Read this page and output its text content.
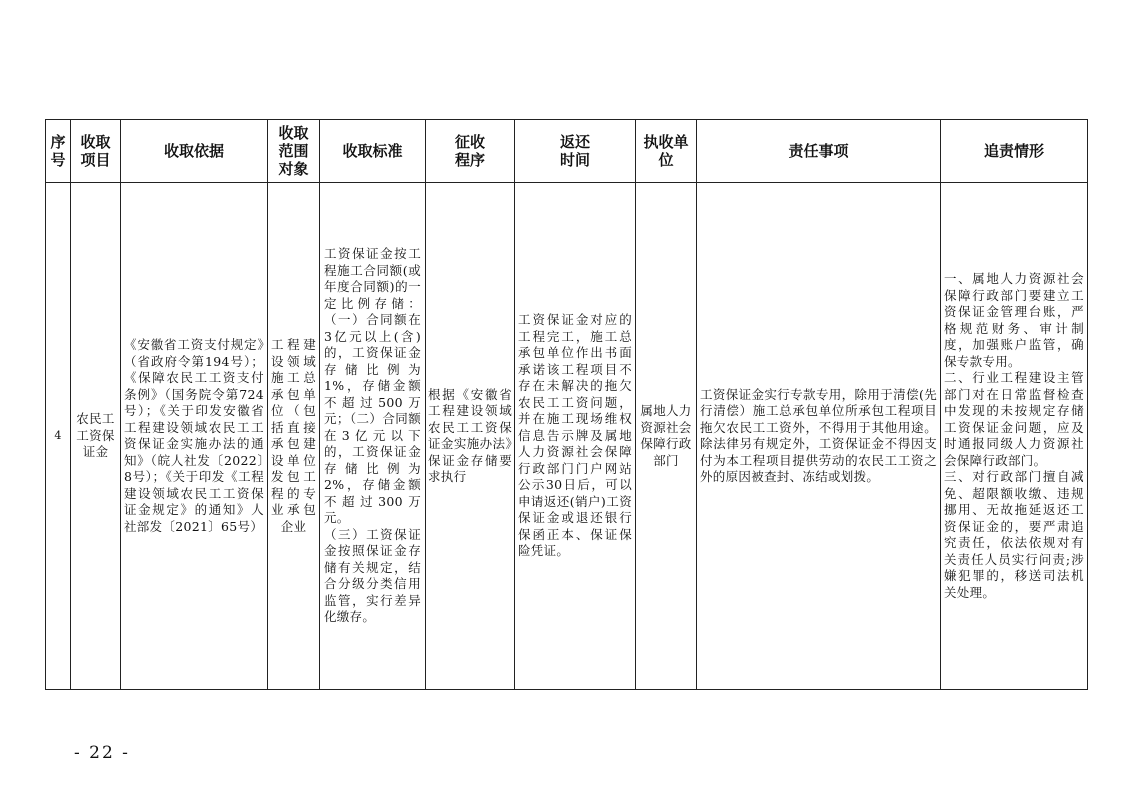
序
号	收取
项目	收取依据	收取
范围
对象	收取标准	征收
程序	返还
时间	执收单
位	责任事项	追责情形
4	农民工工资保证金	《安徽省工资支付规定》（省政府令第194号）；《保障农民工工资支付条例》（国务院令第724号）；《关于印发安徽省工程建设领域农民工工资保证金实施办法的通知》（皖人社发〔2022〕8号）；《关于印发《工程建设领域农民工工资保证金规定》的通知》人社部发〔2021〕65号）	工程建设领域施工总承包单位（包括直接承包建设单位发包工程的专业承包企业	工资保证金按工程施工合同额(或年度合同额)的一定比例存储：（一）合同额在3亿元以上(含)的，工资保证金存储比例为1%，存储金额不超过500万元；（二）合同额在3亿元以下的，工资保证金存储比例为2%，存储金额不超过300万元。
（三）工资保证金按照保证金存储有关规定，结合分级分类信用监管，实行差异化缴存。	根据《安徽省工程建设领域农民工工资保证金实施办法》保证金存储要求执行	工资保证金对应的工程完工，施工总承包单位作出书面承诺该工程项目不存在未解决的拖欠农民工工资问题，并在施工现场维权信息告示牌及属地人力资源社会保障行政部门门户网站公示30日后，可以申请返还(销户)工资保证金或退还银行保函正本、保证保险凭证。	属地人力资源社会保障行政部门	工资保证金实行专款专用，除用于清偿(先行清偿）施工总承包单位所承包工程项目拖欠农民工工资外，不得用于其他用途。除法律另有规定外，工资保证金不得因支付为本工程项目提供劳动的农民工工资之外的原因被查封、冻结或划拨。	一、属地人力资源社会保障行政部门要建立工资保证金管理台账，严格规范财务、审计制度，加强账户监管，确保专款专用。
二、行业工程建设主管部门对在日常监督检查中发现的未按规定存储工资保证金问题，应及时通报同级人力资源社会保障行政部门。
三、对行政部门擅自减免、超限额收缴、违规挪用、无故拖延返还工资保证金的，要严肃追究责任，依法依规对有关责任人员实行问责;涉嫌犯罪的，移送司法机关处理。
- 22 -
